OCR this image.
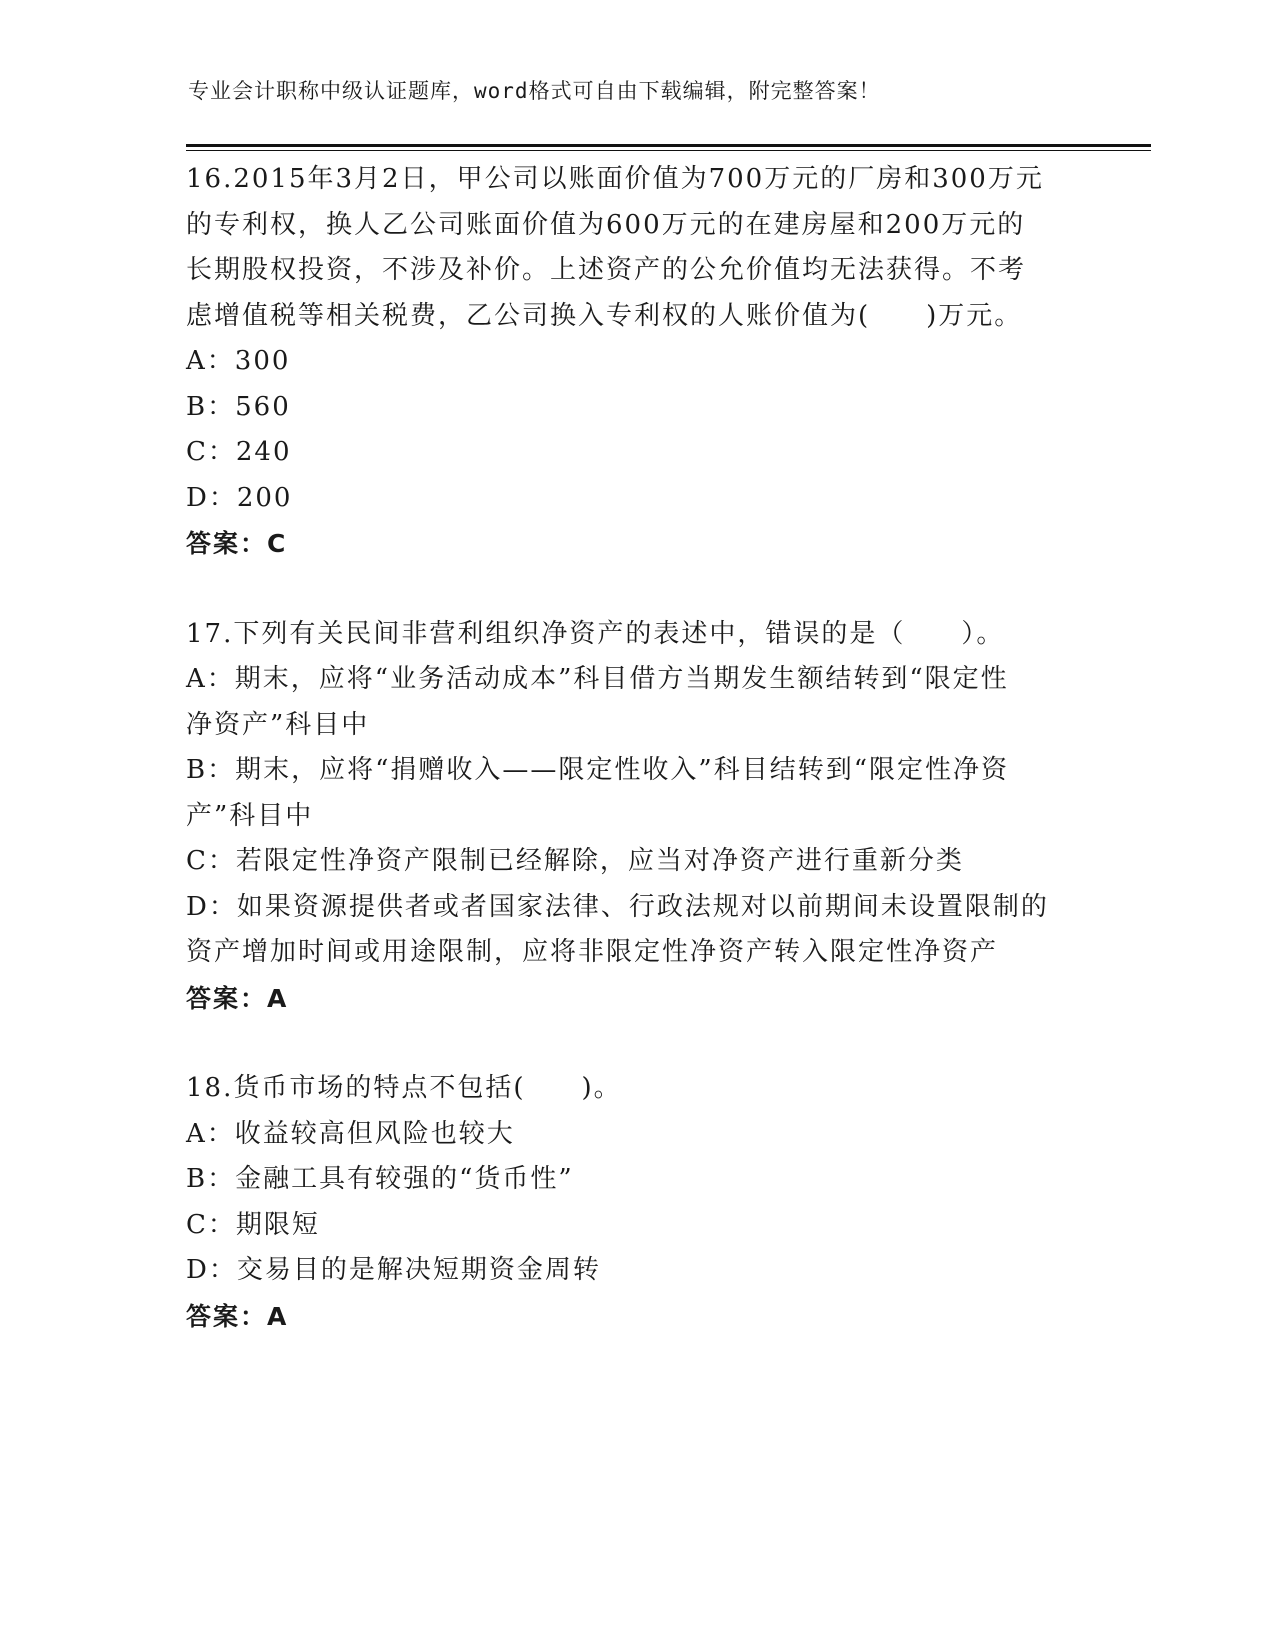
专业会计职称中级认证题库，word格式可自由下载编辑，附完整答案！
16.2015年3月2日，甲公司以账面价值为700万元的厂房和300万元
的专利权，换人乙公司账面价值为600万元的在建房屋和200万元的
长期股权投资，不涉及补价。上述资产的公允价值均无法获得。不考
虑增值税等相关税费，乙公司换入专利权的人账价值为(　　)万元。
A：300
B：560
C：240
D：200
答案：C
17.下列有关民间非营利组织净资产的表述中，错误的是（　　）。
A：期末，应将“业务活动成本”科目借方当期发生额结转到“限定性
净资产”科目中
B：期末，应将“捐赠收入——限定性收入”科目结转到“限定性净资
产”科目中
C：若限定性净资产限制已经解除，应当对净资产进行重新分类
D：如果资源提供者或者国家法律、行政法规对以前期间未设置限制的
资产增加时间或用途限制，应将非限定性净资产转入限定性净资产
答案：A
18.货币市场的特点不包括(　　)。
A：收益较高但风险也较大
B：金融工具有较强的“货币性”
C：期限短
D：交易目的是解决短期资金周转
答案：A
